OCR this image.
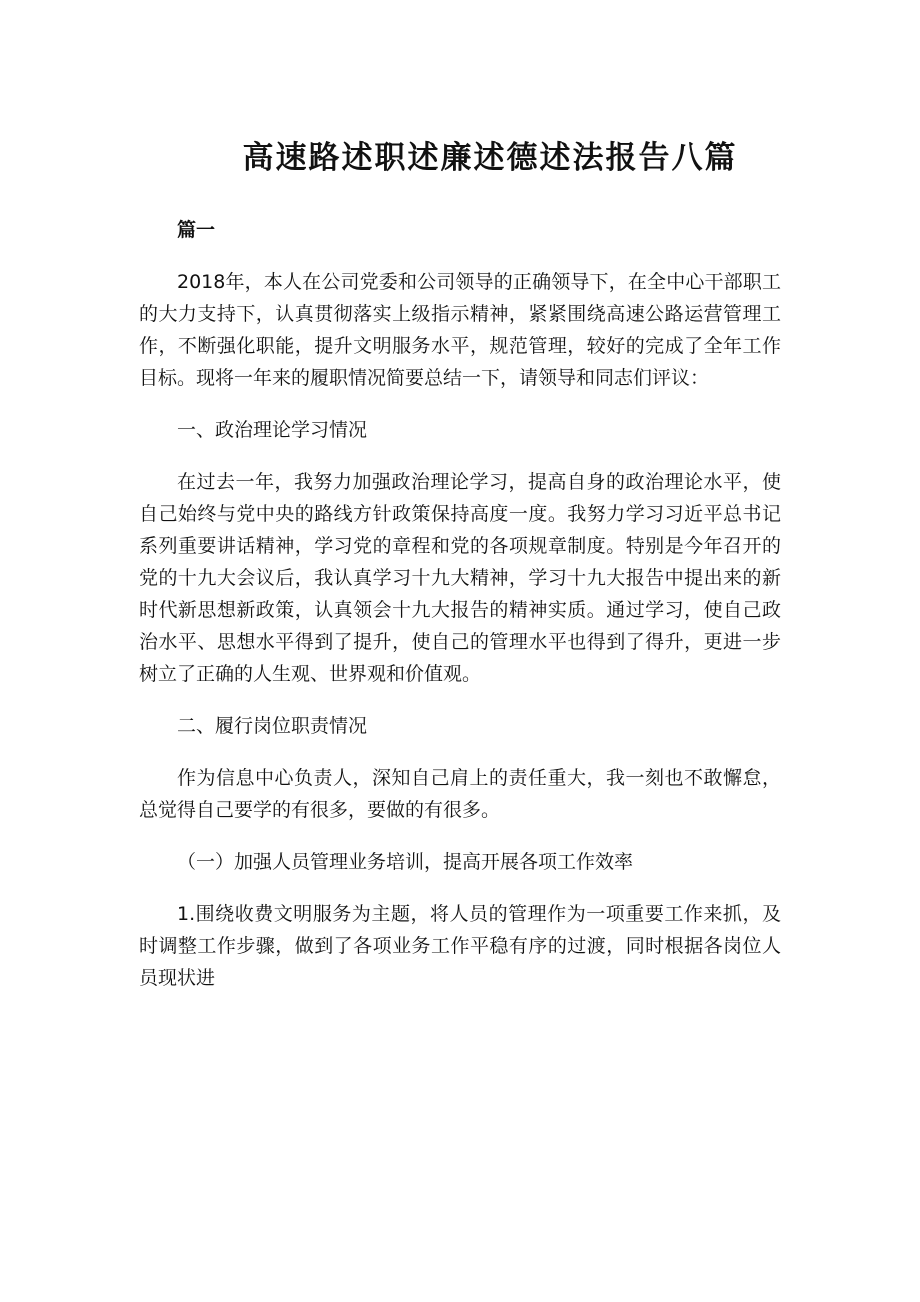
高速路述职述廉述德述法报告八篇

篇一

2018年，本人在公司党委和公司领导的正确领导下，在全中心干部职工的大力支持下，认真贯彻落实上级指示精神，紧紧围绕高速公路运营管理工作，不断强化职能，提升文明服务水平，规范管理，较好的完成了全年工作目标。现将一年来的履职情况简要总结一下，请领导和同志们评议：

一、政治理论学习情况

在过去一年，我努力加强政治理论学习，提高自身的政治理论水平，使自己始终与党中央的路线方针政策保持高度一度。我努力学习习近平总书记系列重要讲话精神，学习党的章程和党的各项规章制度。特别是今年召开的党的十九大会议后，我认真学习十九大精神，学习十九大报告中提出来的新时代新思想新政策，认真领会十九大报告的精神实质。通过学习，使自己政治水平、思想水平得到了提升，使自己的管理水平也得到了得升，更进一步树立了正确的人生观、世界观和价值观。

二、履行岗位职责情况

作为信息中心负责人，深知自己肩上的责任重大，我一刻也不敢懈怠，总觉得自己要学的有很多，要做的有很多。

（一）加强人员管理业务培训，提高开展各项工作效率

1.围绕收费文明服务为主题，将人员的管理作为一项重要工作来抓，及时调整工作步骤，做到了各项业务工作平稳有序的过渡，同时根据各岗位人员现状进
